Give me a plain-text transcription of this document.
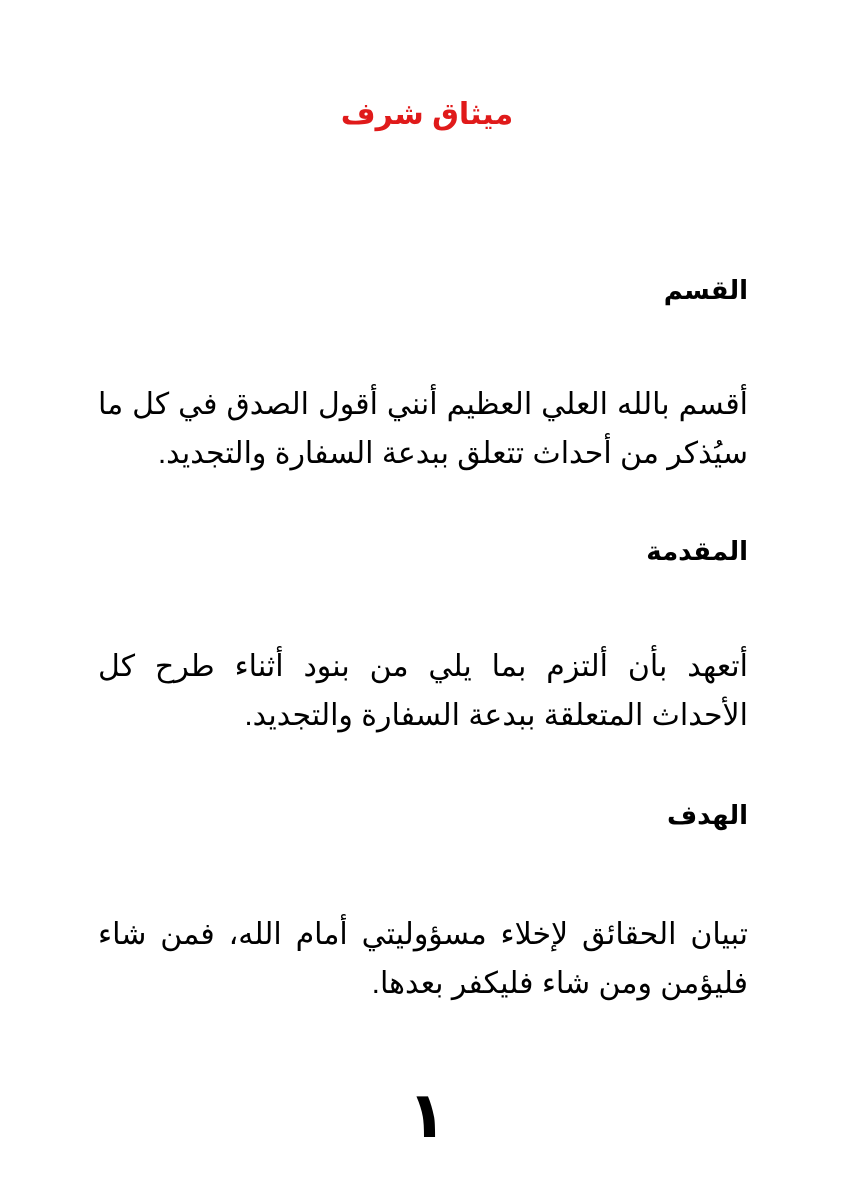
ميثاق شرف
القسم

أقسم بالله العلي العظيم أنني أقول الصدق في كل ما سيُذكر من أحداث تتعلق ببدعة السفارة والتجديد.

المقدمة

أتعهد بأن ألتزم بما يلي من بنود أثناء طرح كل الأحداث المتعلقة ببدعة السفارة والتجديد.

الهدف

تبيان الحقائق لإخلاء مسؤوليتي أمام الله، فمن شاء فليؤمن ومن شاء فليكفر بعدها.

١
